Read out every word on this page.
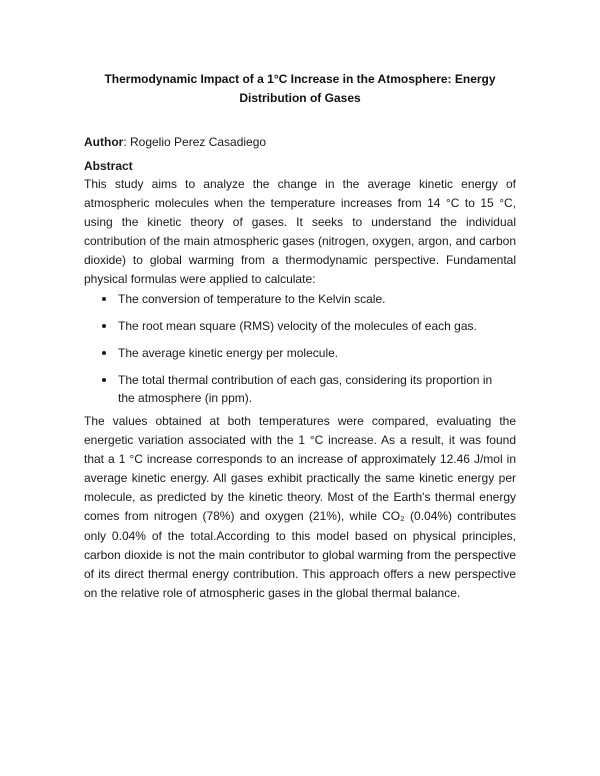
Thermodynamic Impact of a 1°C Increase in the Atmosphere: Energy Distribution of Gases
Author: Rogelio Perez Casadiego
Abstract
This study aims to analyze the change in the average kinetic energy of atmospheric molecules when the temperature increases from 14 °C to 15 °C, using the kinetic theory of gases. It seeks to understand the individual contribution of the main atmospheric gases (nitrogen, oxygen, argon, and carbon dioxide) to global warming from a thermodynamic perspective. Fundamental physical formulas were applied to calculate:
The conversion of temperature to the Kelvin scale.
The root mean square (RMS) velocity of the molecules of each gas.
The average kinetic energy per molecule.
The total thermal contribution of each gas, considering its proportion in the atmosphere (in ppm).
The values obtained at both temperatures were compared, evaluating the energetic variation associated with the 1 °C increase. As a result, it was found that a 1 °C increase corresponds to an increase of approximately 12.46 J/mol in average kinetic energy. All gases exhibit practically the same kinetic energy per molecule, as predicted by the kinetic theory. Most of the Earth's thermal energy comes from nitrogen (78%) and oxygen (21%), while CO₂ (0.04%) contributes only 0.04% of the total.According to this model based on physical principles, carbon dioxide is not the main contributor to global warming from the perspective of its direct thermal energy contribution. This approach offers a new perspective on the relative role of atmospheric gases in the global thermal balance.
